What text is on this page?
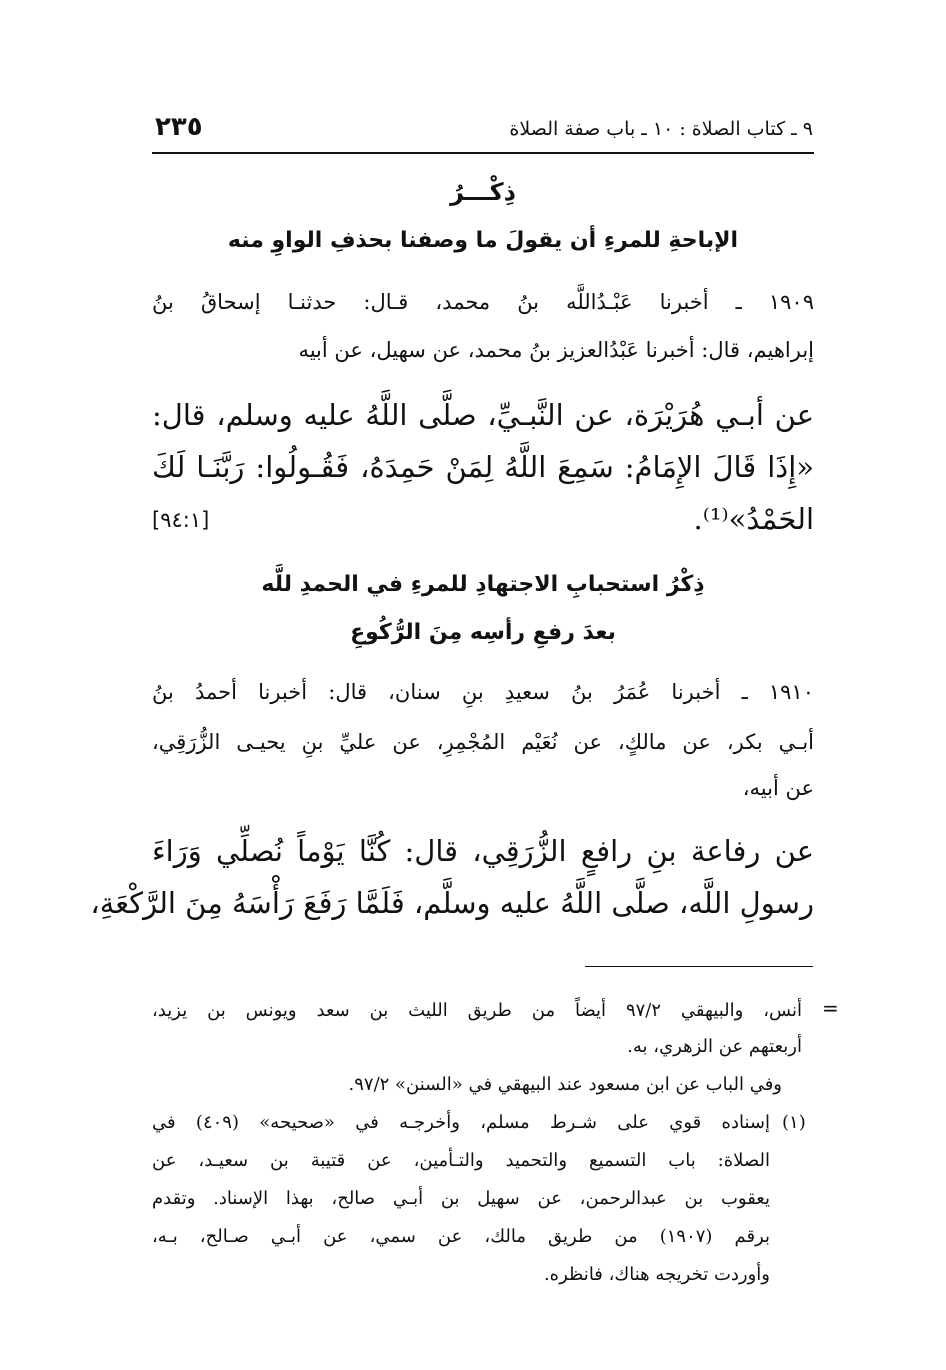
٩ ـ كتاب الصلاة : ١٠ ـ باب صفة الصلاة
٢٣٥
ذِكْـــرُ
الإباحةِ للمرءِ أن يقولَ ما وصفنا بحذفِ الواوِ منه
١٩٠٩ ـ أخبرنا عَبْـدُاللَّه بنُ محمد، قـال: حدثنـا إسحاقُ بنُ
إبراهيم، قال: أخبرنا عَبْدُالعزيز بنُ محمد، عن سهيل، عن أبيه
عن أبـي هُرَيْرَة، عن النَّبـيِّ، صلَّى اللَّهُ عليه وسلم، قال:
«إِذَا قَالَ الإِمَامُ: سَمِعَ اللَّهُ لِمَنْ حَمِدَهُ، فَقُـولُوا: رَبَّنَـا لَكَ
الحَمْدُ»⁽¹⁾.
[٩٤:١]
ذِكْرُ استحبابِ الاجتهادِ للمرءِ في الحمدِ للَّه
بعدَ رفعِ رأسِه مِنَ الرُّكُوعِ
١٩١٠ ـ أخبرنا عُمَرُ بنُ سعيدِ بنِ سنان، قال: أخبرنا أحمدُ بنُ
أبـي بكر، عن مالكٍ، عن نُعَيْم المُجْمِرِ، عن عليِّ بنِ يحيـى الزُّرَقِي،
عن أبيه،
عن رفاعة بنِ رافعٍ الزُّرَقِي، قال: كُنَّا يَوْماً نُصلِّي وَرَاءَ
رسولِ اللَّه، صلَّى اللَّهُ عليه وسلَّم، فَلَمَّا رَفَعَ رَأْسَهُ مِنَ الرَّكْعَةِ،
=
أنس، والبيهقي ٩٧/٢ أيضاً من طريق الليث بن سعد ويونس بن يزيد،
أربعتهم عن الزهري، به.
وفي الباب عن ابن مسعود عند البيهقي في «السنن» ٩٧/٢.
(١)
إسناده قوي على شـرط مسلم، وأخرجـه في «صحيحه» (٤٠٩) في
الصلاة: باب التسميع والتحميد والتـأمين، عن قتيبة بن سعيـد، عن
يعقوب بن عبدالرحمن، عن سهيل بن أبـي صالح، بهذا الإسناد. وتقدم
برقم (١٩٠٧) من طريق مالك، عن سمي، عن أبـي صـالح، بـه،
وأوردت تخريجه هناك، فانظره.
